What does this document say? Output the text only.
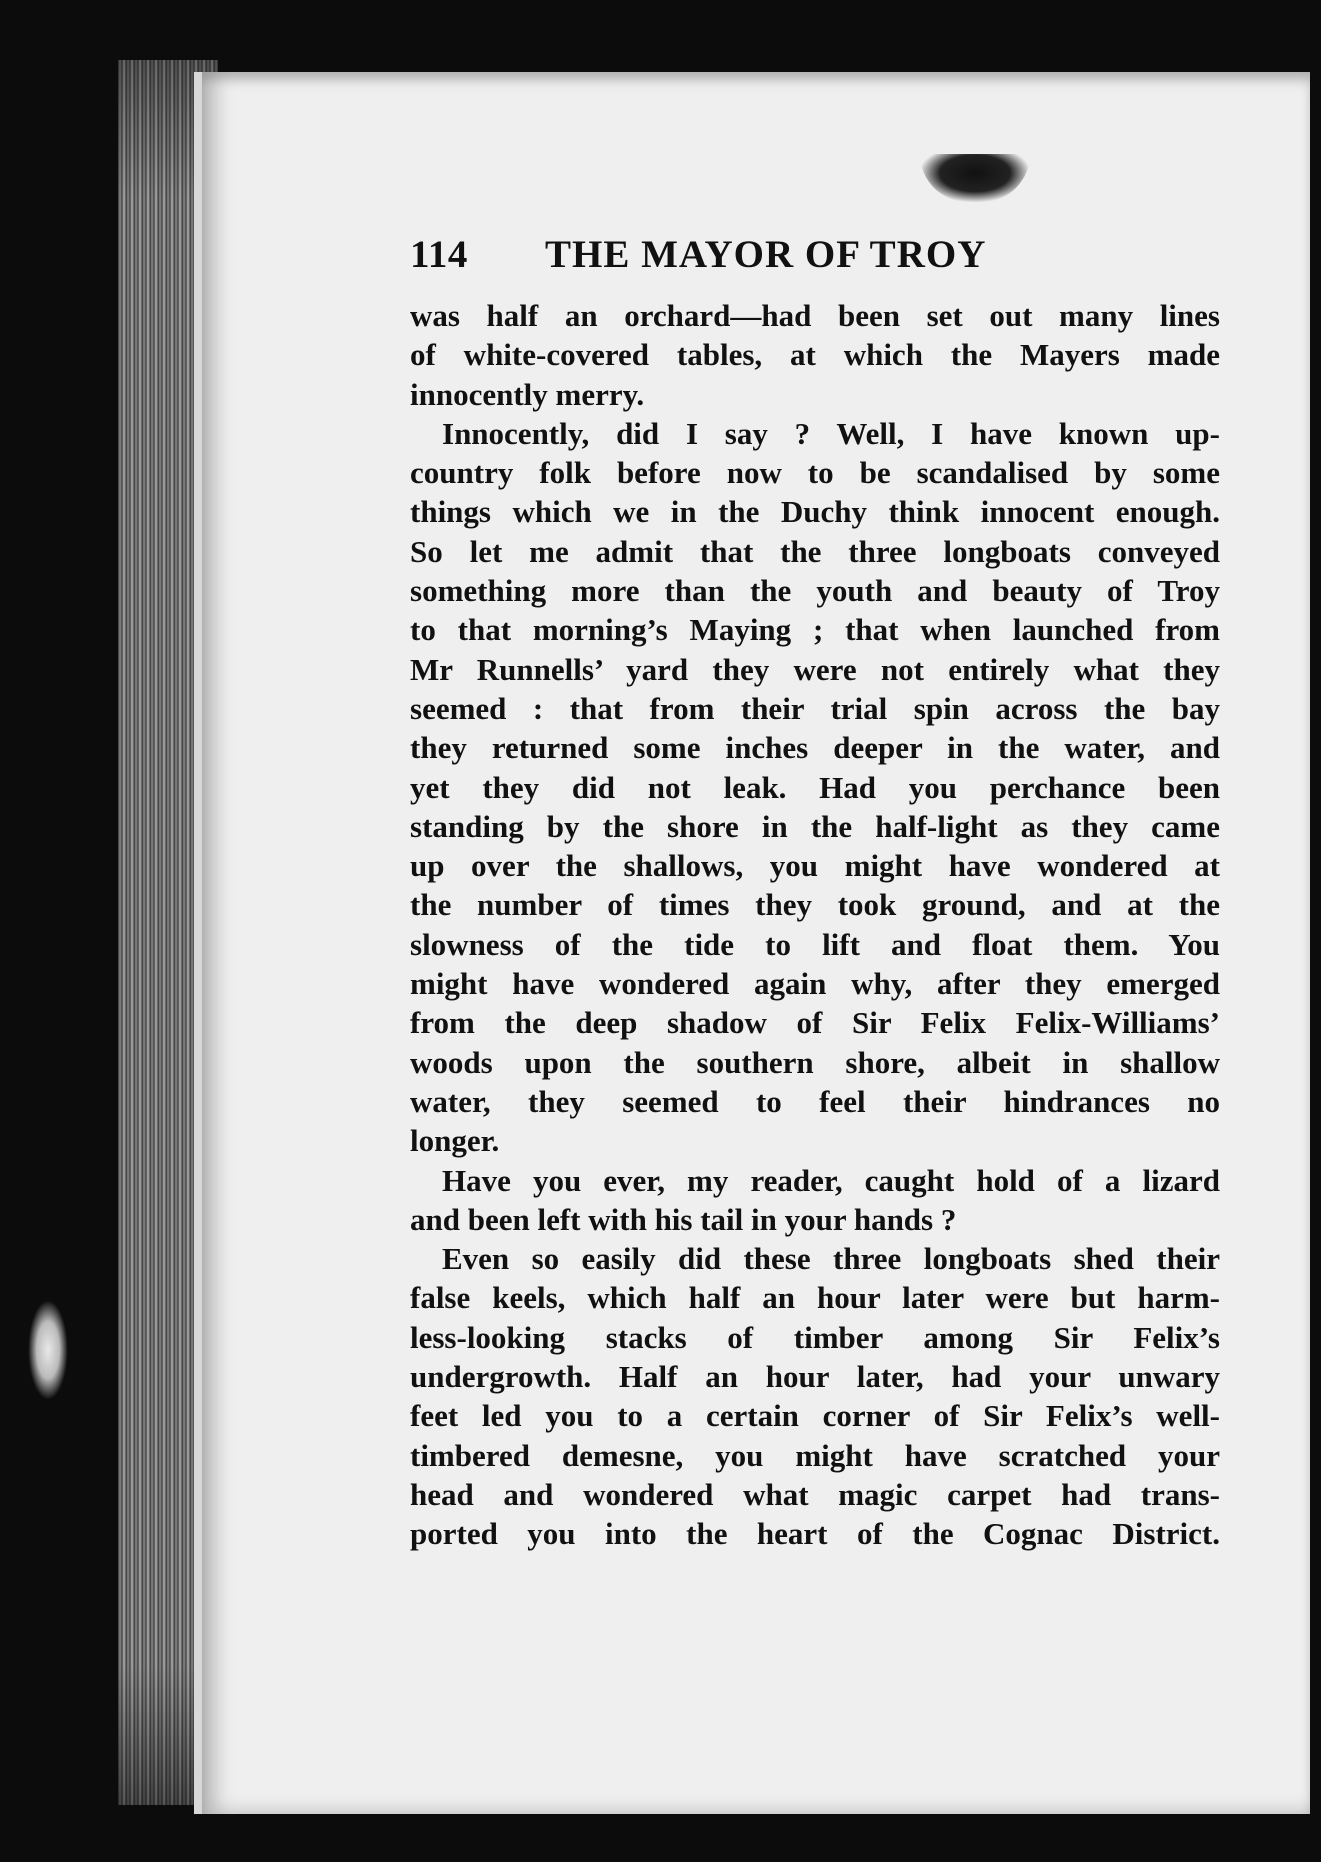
114	THE MAYOR OF TROY
was half an orchard—had been set out many lines
of white-covered tables, at which the Mayers made
innocently merry.
Innocently, did I say ? Well, I have known up-
country folk before now to be scandalised by some
things which we in the Duchy think innocent enough.
So let me admit that the three longboats conveyed
something more than the youth and beauty of Troy
to that morning’s Maying ; that when launched from
Mr Runnells’ yard they were not entirely what they
seemed : that from their trial spin across the bay
they returned some inches deeper in the water, and
yet they did not leak. Had you perchance been
standing by the shore in the half-light as they came
up over the shallows, you might have wondered at
the number of times they took ground, and at the
slowness of the tide to lift and float them. You
might have wondered again why, after they emerged
from the deep shadow of Sir Felix Felix-Williams’
woods upon the southern shore, albeit in shallow
water, they seemed to feel their hindrances no
longer.
Have you ever, my reader, caught hold of a lizard
and been left with his tail in your hands ?
Even so easily did these three longboats shed their
false keels, which half an hour later were but harm-
less-looking stacks of timber among Sir Felix’s
undergrowth. Half an hour later, had your unwary
feet led you to a certain corner of Sir Felix’s well-
timbered demesne, you might have scratched your
head and wondered what magic carpet had trans-
ported you into the heart of the Cognac District.
